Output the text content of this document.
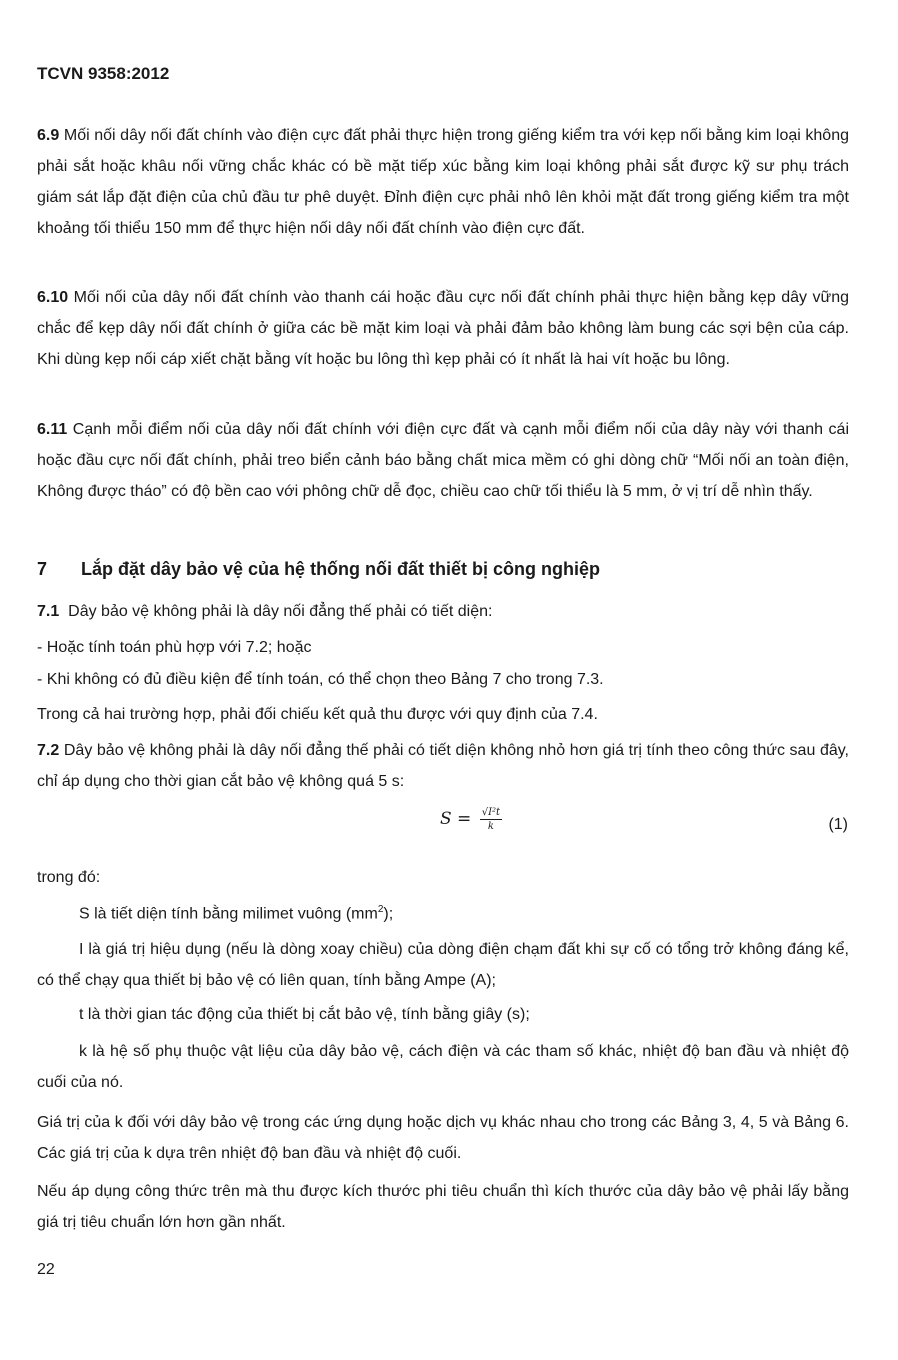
TCVN 9358:2012
6.9 Mối nối dây nối đất chính vào điện cực đất phải thực hiện trong giếng kiểm tra với kẹp nối bằng kim loại không phải sắt hoặc khâu nối vững chắc khác có bề mặt tiếp xúc bằng kim loại không phải sắt được kỹ sư phụ trách giám sát lắp đặt điện của chủ đầu tư phê duyệt. Đỉnh điện cực phải nhô lên khỏi mặt đất trong giếng kiểm tra một khoảng tối thiểu 150 mm để thực hiện nối dây nối đất chính vào điện cực đất.
6.10 Mối nối của dây nối đất chính vào thanh cái hoặc đầu cực nối đất chính phải thực hiện bằng kẹp dây vững chắc để kẹp dây nối đất chính ở giữa các bề mặt kim loại và phải đảm bảo không làm bung các sợi bện của cáp. Khi dùng kẹp nối cáp xiết chặt bằng vít hoặc bu lông thì kẹp phải có ít nhất là hai vít hoặc bu lông.
6.11 Cạnh mỗi điểm nối của dây nối đất chính với điện cực đất và cạnh mỗi điểm nối của dây này với thanh cái hoặc đầu cực nối đất chính, phải treo biển cảnh báo bằng chất mica mềm có ghi dòng chữ “Mối nối an toàn điện, Không được tháo” có độ bền cao với phông chữ dễ đọc, chiều cao chữ tối thiểu là 5 mm, ở vị trí dễ nhìn thấy.
7 Lắp đặt dây bảo vệ của hệ thống nối đất thiết bị công nghiệp
7.1 Dây bảo vệ không phải là dây nối đẳng thế phải có tiết diện:
- Hoặc tính toán phù hợp với 7.2; hoặc
- Khi không có đủ điều kiện để tính toán, có thể chọn theo Bảng 7 cho trong 7.3.
Trong cả hai trường hợp, phải đối chiếu kết quả thu được với quy định của 7.4.
7.2 Dây bảo vệ không phải là dây nối đẳng thế phải có tiết diện không nhỏ hơn giá trị tính theo công thức sau đây, chỉ áp dụng cho thời gian cắt bảo vệ không quá 5 s:
$S = \frac{\text{√I²t}}{k}$	(1)
trong đó:
S là tiết diện tính bằng milimet vuông $(mm^2)$;
I là giá trị hiệu dụng (nếu là dòng xoay chiều) của dòng điện chạm đất khi sự cố có tổng trở không đáng kể, có thể chạy qua thiết bị bảo vệ có liên quan, tính bằng Ampe (A);
t là thời gian tác động của thiết bị cắt bảo vệ, tính bằng giây (s);
k là hệ số phụ thuộc vật liệu của dây bảo vệ, cách điện và các tham số khác, nhiệt độ ban đầu và nhiệt độ cuối của nó.
Giá trị của k đối với dây bảo vệ trong các ứng dụng hoặc dịch vụ khác nhau cho trong các Bảng 3, 4, 5 và Bảng 6. Các giá trị của k dựa trên nhiệt độ ban đầu và nhiệt độ cuối.
Nếu áp dụng công thức trên mà thu được kích thước phi tiêu chuẩn thì kích thước của dây bảo vệ phải lấy bằng giá trị tiêu chuẩn lớn hơn gần nhất.
22
